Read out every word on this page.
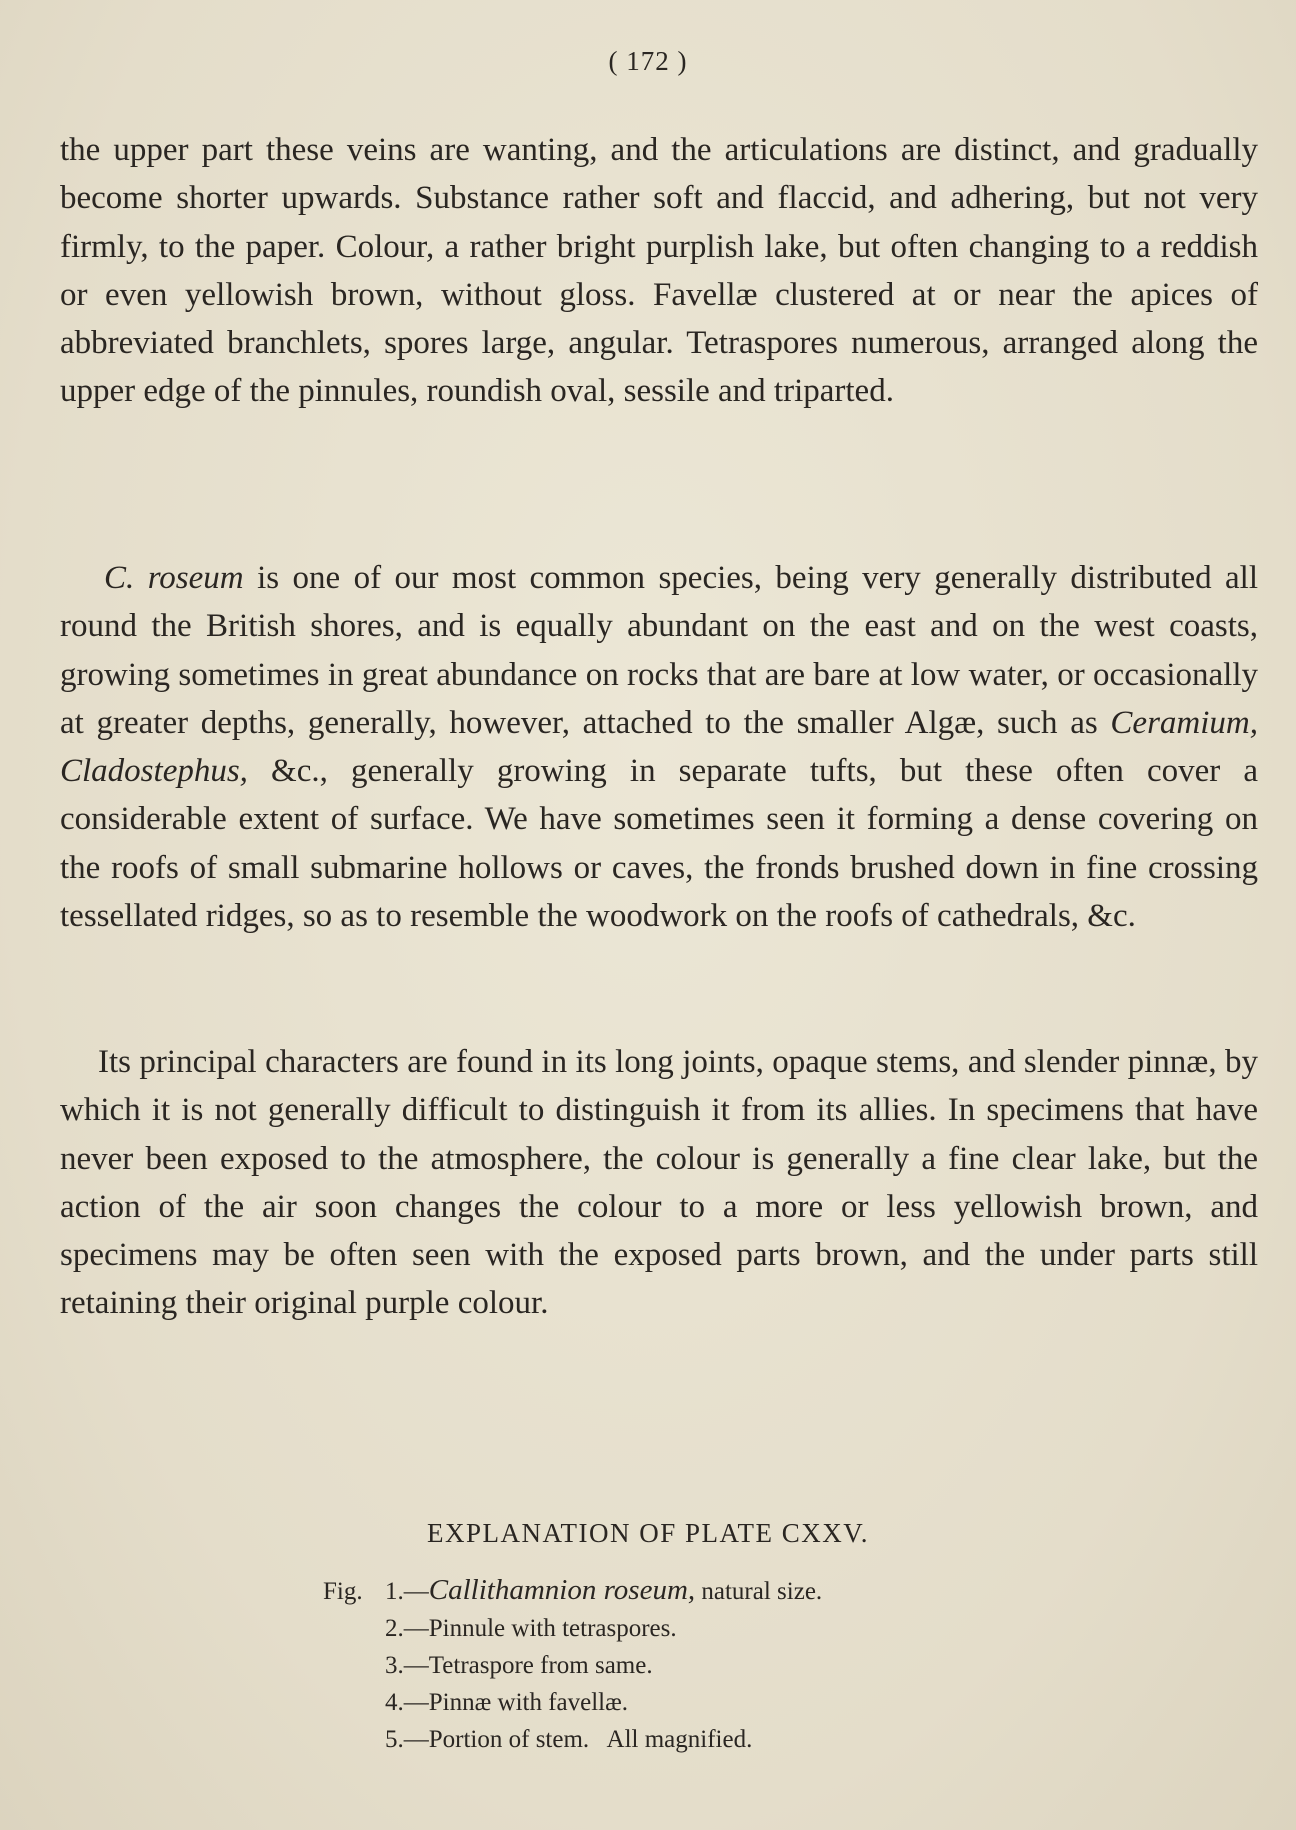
( 172 )

the upper part these veins are wanting, and the articulations are distinct, and gradually become shorter upwards. Substance rather soft and flaccid, and adhering, but not very firmly, to the paper. Colour, a rather bright purplish lake, but often changing to a reddish or even yellowish brown, without gloss. Favellæ clustered at or near the apices of abbreviated branchlets, spores large, angular. Tetraspores numerous, arranged along the upper edge of the pinnules, roundish oval, sessile and triparted.

C. roseum is one of our most common species, being very generally distributed all round the British shores, and is equally abundant on the east and on the west coasts, growing sometimes in great abundance on rocks that are bare at low water, or occasionally at greater depths, generally, however, attached to the smaller Algæ, such as Ceramium, Cladostephus, &c., generally growing in separate tufts, but these often cover a considerable extent of surface. We have sometimes seen it forming a dense covering on the roofs of small submarine hollows or caves, the fronds brushed down in fine crossing tessellated ridges, so as to resemble the woodwork on the roofs of cathedrals, &c.

Its principal characters are found in its long joints, opaque stems, and slender pinnæ, by which it is not generally difficult to distinguish it from its allies. In specimens that have never been exposed to the atmosphere, the colour is generally a fine clear lake, but the action of the air soon changes the colour to a more or less yellowish brown, and specimens may be often seen with the exposed parts brown, and the under parts still retaining their original purple colour.

EXPLANATION OF PLATE CXXV.
Fig. 1.—Callithamnion roseum, natural size.
2.—Pinnule with tetraspores.
3.—Tetraspore from same.
4.—Pinnæ with favellæ.
5.—Portion of stem.   All magnified.
